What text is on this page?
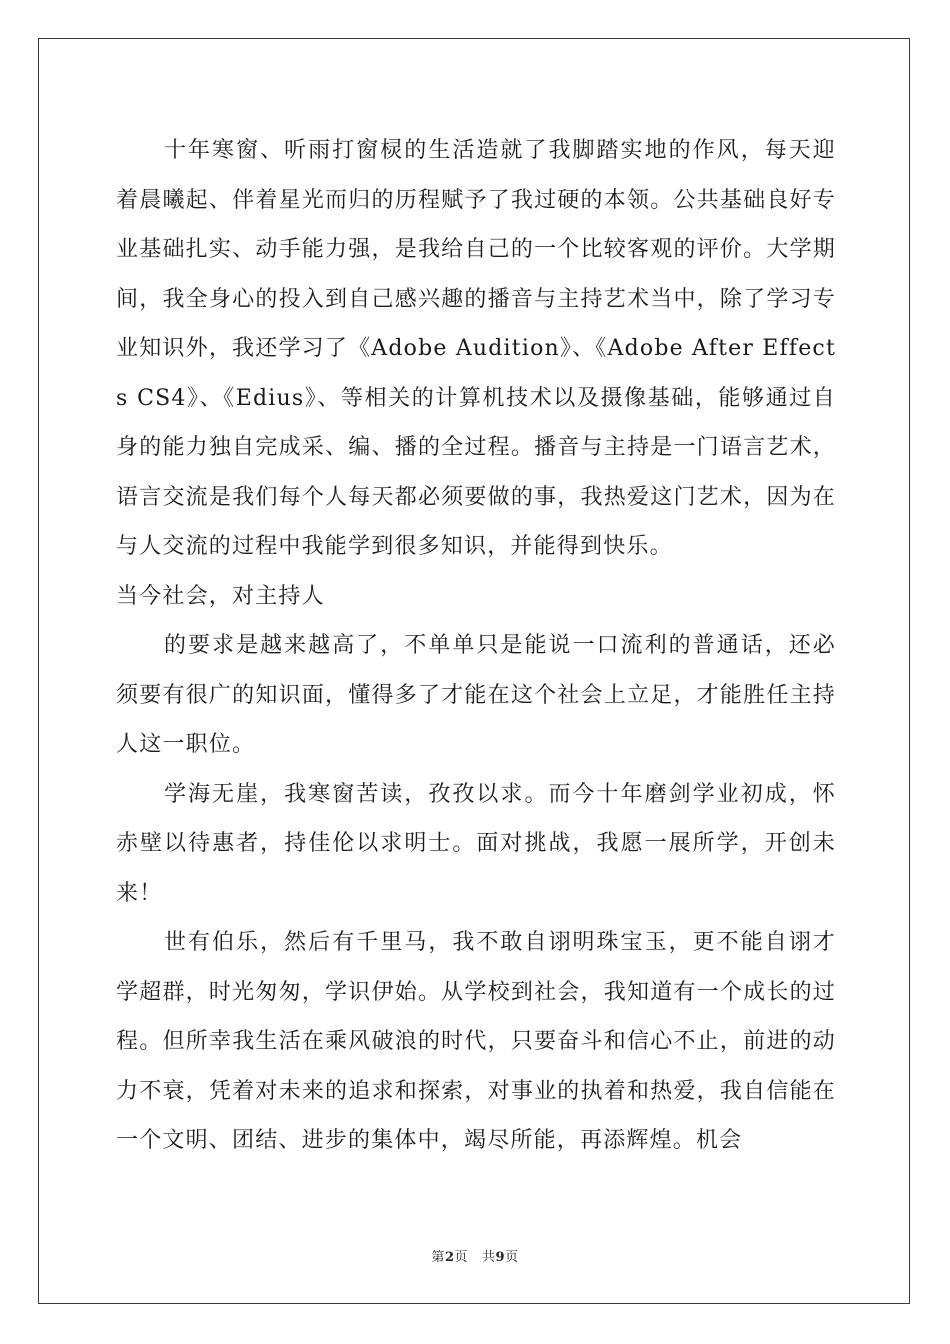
十年寒窗、听雨打窗棂的生活造就了我脚踏实地的作风，每天迎着晨曦起、伴着星光而归的历程赋予了我过硬的本领。公共基础良好专业基础扎实、动手能力强，是我给自己的一个比较客观的评价。大学期间，我全身心的投入到自己感兴趣的播音与主持艺术当中，除了学习专业知识外，我还学习了《Adobe Audition》、《Adobe After Effects CS4》、《Edius》、等相关的计算机技术以及摄像基础，能够通过自身的能力独自完成采、编、播的全过程。播音与主持是一门语言艺术，语言交流是我们每个人每天都必须要做的事，我热爱这门艺术，因为在与人交流的过程中我能学到很多知识，并能得到快乐。

当今社会，对主持人

的要求是越来越高了，不单单只是能说一口流利的普通话，还必须要有很广的知识面，懂得多了才能在这个社会上立足，才能胜任主持人这一职位。

学海无崖，我寒窗苦读，孜孜以求。而今十年磨剑学业初成，怀赤壁以待惠者，持佳伦以求明士。面对挑战，我愿一展所学，开创未来！

世有伯乐，然后有千里马，我不敢自诩明珠宝玉，更不能自诩才学超群，时光匆匆，学识伊始。从学校到社会，我知道有一个成长的过程。但所幸我生活在乘风破浪的时代，只要奋斗和信心不止，前进的动力不衰，凭着对未来的追求和探索，对事业的执着和热爱，我自信能在一个文明、团结、进步的集体中，竭尽所能，再添辉煌。机会

第2页 共9页
